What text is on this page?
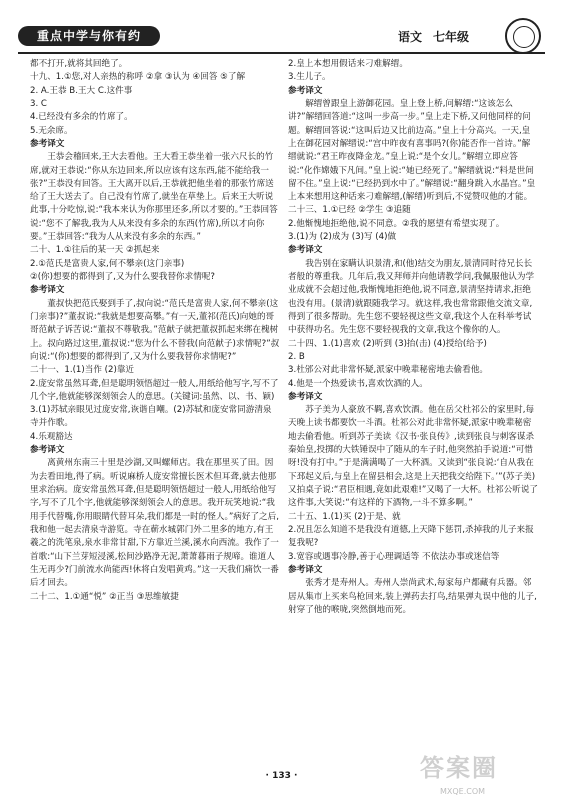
重点中学与你有约	语文 七年级

都不打开,就将其回绝了。

十九、1.①您,对人亲热的称呼 ②拿 ③认为 ④回答 ⑤了解

2. A.王恭 B.王大 C.这件事

3. C

4.已经没有多余的竹席了。

5.无余席。

参考译文

王恭会稽回来,王大去看他。王大看王恭坐着一张六尺长的竹席,就对王恭说:“你从东边回来,所以应该有这东西,能不能给我一张?”王恭没有回答。王大离开以后,王恭就把他坐着的那张竹席送给了王大送去了。自己没有竹席了,就坐在草垫上。后来王大听说此事,十分吃惊,说:“我本来认为你那里还多,所以才要的。”王恭回答说:“您不了解我,我为人从来没有多余的东西(竹席),所以才向你要。”王恭回答:“我为人从来没有多余的东西。”

二十、1.①往后的某一天 ②抓起来

2.①范氏是富贵人家,何不攀亲(这门亲事)

②(你)想要的都得到了,又为什么要我替你求情呢?

参考译文

董叔快把范氏娶到手了,叔向说:“范氏是富贵人家,何不攀亲(这门亲事)?”董叔说:“我就是想要高攀。”有一天,董祁(范氏)向她的哥哥范献子诉苦说:“董叔不尊敬我。”范献子就把董叔抓起来绑在槐树上。叔向路过这里,董叔说:“您为什么不替我(向范献子)求情呢?”叔向说:“(你)想要的都得到了,又为什么要我替你求情呢?”

二十一、1.(1)当作 (2)靠近

2.庞安常虽然耳聋,但是聪明领悟超过一般人,用纸给他写字,写不了几个字,他就能够深刻领会人的意思。(关键词:虽然、以、书、颖)

3.(1)苏轼亲眼见过庞安常,诙谐自嘲。(2)苏轼和庞安常同游清泉寺并作歌。

4.乐观豁达

参考译文

离黄州东南三十里是沙湖,又叫螺师店。我在那里买了田。因为去看田地,得了病。听说麻桥人庞安常擅长医术但耳聋,就去他那里求治病。庞安常虽然耳聋,但是聪明领悟超过一般人,用纸给他写字,写不了几个字,他就能够深刻领会人的意思。我开玩笑地说:“我用手代替嘴,你用眼睛代替耳朵,我们都是一时的怪人。”病好了之后,我和他一起去清泉寺游览。寺在蕲水城郭门外二里多的地方,有王羲之的洗笔泉,泉水非常甘甜,下方靠近兰溪,溪水向西流。我作了一首歌:“山下兰芽短浸溪,松间沙路净无泥,萧萧暮雨子规啼。谁道人生无再少?门前流水尚能西!休将白发唱黄鸡。”这一天我们痛饮一番后才回去。

二十二、1.①通“悦” ②正当 ③思维敏捷

2.皇上本想用假话来刁难解缙。

3.生儿子。

参考译文

解缙曾跟皇上游御花园。皇上登上桥,问解缙:“这该怎么讲?”解缙回答道:“这叫一步高一步。”皇上走下桥,又问他同样的问题。解缙回答说:“这叫后边又比前边高。”皇上十分高兴。一天,皇上在御花园对解缙说:“宫中昨夜有喜事吗?(你)能否作一首诗。”解缙就说:“君王昨夜降金龙。”皇上说:“是个女儿。”解缙立即应答说:“化作嫦娥下凡间。”皇上说:“她已经死了。”解缙就说:“料是世间留不住。”皇上说:“已经扔到水中了。”解缙说:“翻身跳入水晶宫。”皇上本来想用这种话来刁难解缙,(解缙)听到后,不觉赞叹他的才能。

二十三、1.①已经 ②学生 ③追随

2.他惭愧地拒绝他,说不同意。②我的愿望有希望实现了。

3.(1)为 (2)成为 (3)写 (4)做

参考译文

我告别在家瞒认识景清,和(他)结交为朋友,景清同时待兄长长者般的尊重我。几年后,我又拜师并向他请教学问,我佩服他认为学业成就不会超过他,我惭愧地拒绝他,说不同意,景清坚持请求,拒绝也没有用。(景清)就跟随我学习。就这样,我也常常跟他交流文章,得到了很多帮助。先生您不要轻视这些文章,我这个人在科举考试中获得功名。先生您不要轻视我的文章,我这个像你的人。

二十四、1.(1)喜欢 (2)听到 (3)抬(击) (4)授给(给予)

2. B

3.杜邠公对此非常怀疑,派家中晚辈秘密地去偷看他。

4.他是一个热爱读书,喜欢饮酒的人。

参考译文

苏子美为人豪放不羁,喜欢饮酒。他在岳父杜祁公的家里时,每天晚上读书都要饮一斗酒。杜祁公对此非常怀疑,派家中晚辈秘密地去偷看他。听到苏子美读《汉书·张良传》,读到张良与刺客谋杀秦始皇,投掷的大铁锤误中了随从的车子时,他突然拍手说道:“可惜呀!没有打中。”于是满满喝了一大杯酒。又读到“张良说:‘自从我在下邳起义后,与皇上在留县相会,这是上天把我交给陛下。’”(苏子美)又拍桌子说:“君臣相遇,竟如此艰难!”又喝了一大杯。杜祁公听说了这件事,大笑说:“有这样的下酒物,一斗不算多啊。”

二十五、1.(1)买 (2)于是、就

2.况且怎么知道不是我没有道德,上天降下惩罚,杀掉我的儿子来报复我呢?

3.宽容或遇事冷静,善于心理调适等 不依法办事或迷信等

参考译文

张秀才是寿州人。寿州人崇尚武术,每家每户都藏有兵器。邻居从集市上买来鸟枪回来,装上弹药去打鸟,结果弹丸误中他的儿子,射穿了他的喉咙,突然倒地而死。

· 133 ·	答案圈
MXQE.COM
